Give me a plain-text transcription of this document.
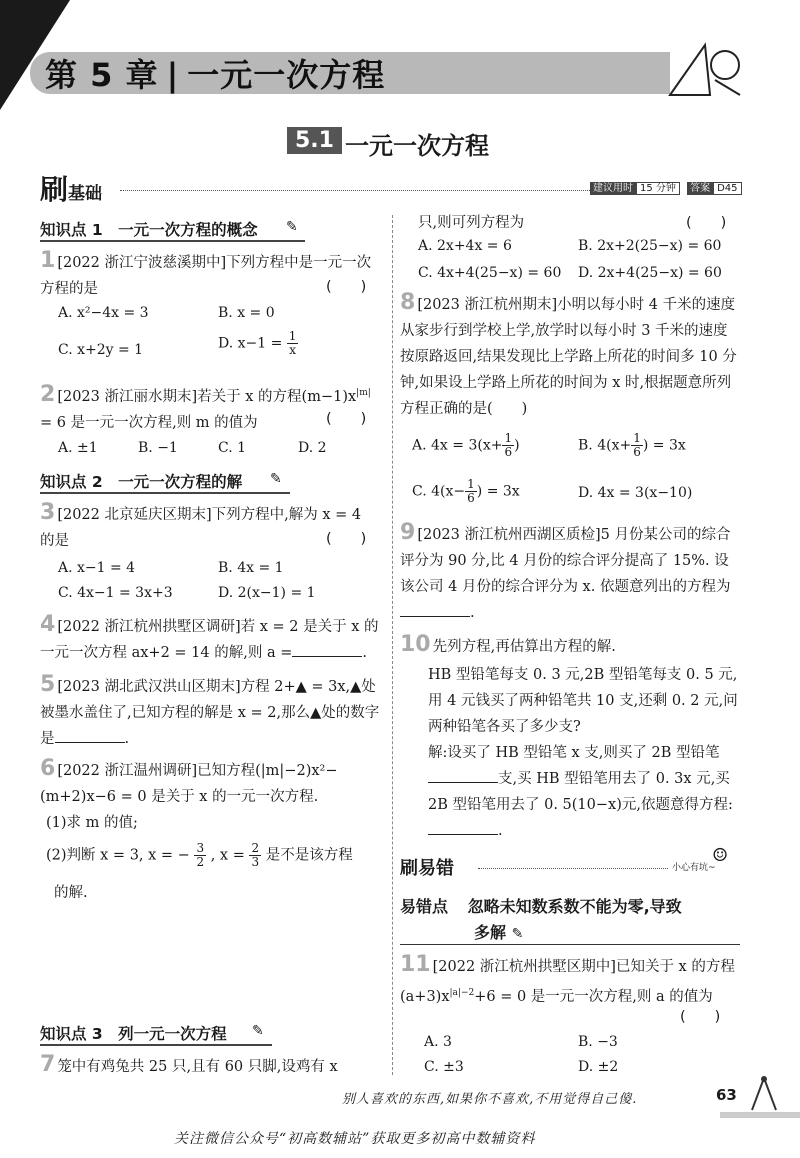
第 5 章 | 一元一次方程
5.1 一元一次方程
刷基础	建议用时 15 分钟 答案 D45
知识点 1　一元一次方程的概念 ✎
1 [2022 浙江宁波慈溪期中]下列方程中是一元一次方程的是	(　　)
A. x²−4x = 3	B. x = 0
C. x+2y = 1	D. $x-1 = \frac{1}{x}$
2 [2023 浙江丽水期末]若关于 x 的方程$(m-1)x^{|m|} = 6$ 是一元一次方程,则 m 的值为	(　　)
A. ±1	B. −1	C. 1	D. 2
知识点 2　一元一次方程的解 ✎
3 [2022 北京延庆区期末]下列方程中,解为 x = 4 的是	(　　)
A. x−1 = 4	B. 4x = 1
C. 4x−1 = 3x+3	D. 2(x−1) = 1
4 [2022 浙江杭州拱墅区调研]若 x = 2 是关于 x 的一元一次方程 ax+2 = 14 的解,则 a =	.
5 [2023 湖北武汉洪山区期末]方程 2+▲ = 3x,▲处被墨水盖住了,已知方程的解是 x = 2,那么▲处的数字是	.
6 [2022 浙江温州调研]已知方程(|m|−2)x²−(m+2)x−6 = 0 是关于 x 的一元一次方程.
(1)求 m 的值;
(2)判断 x = 3, x = − $\frac{3}{2}$ , $x = \frac{2}{3}$ 是不是该方程
的解.
知识点 3　列一元一次方程 ✎
7 笼中有鸡兔共 25 只,且有 60 只脚,设鸡有 x
只,则可列方程为	(　　)
A. 2x+4x = 6	B. 2x+2(25−x) = 60
C. 4x+4(25−x) = 60 D. 2x+4(25−x) = 60
8 [2023 浙江杭州期末]小明以每小时 4 千米的速度从家步行到学校上学,放学时以每小时 3 千米的速度按原路返回,结果发现比上学路上所花的时间多 10 分钟,如果设上学路上所花的时间为 x 时,根据题意所列方程正确的是(　　)
A. $4x = 3(x+ \frac{1}{6}$ )	B. $4(x+ \frac{1}{6}$ ) = 3x
C. $4(x- \frac{1}{6}$ ) = 3x	D. 4x = 3(x−10)
9 [2023 浙江杭州西湖区质检]5 月份某公司的综合评分为 90 分,比 4 月份的综合评分提高了 15%. 设该公司 4 月份的综合评分为 x. 依题意列出的方程为.
10 先列方程,再估算出方程的解.
HB 型铅笔每支 0. 3 元,2B 型铅笔每支 0. 5 元,用 4 元钱买了两种铅笔共 10 支,还剩 0. 2 元,问两种铅笔各买了多少支?
解:设买了 HB 型铅笔 x 支,则买了 2B 型铅笔支,买 HB 型铅笔用去了 0. 3x 元,买 2B 型铅笔用去了 0. 5(10−x)元,依题意得方程:.
刷易错	小心有坑~
☺
易错点 忽略未知数系数不能为零,导致
多解 ✎
11 [2022 浙江杭州拱墅区期中]已知关于 x 的方程$(a+3)x^{|a|-2}+6 = 0$ 是一元一次方程,则 a 的值为
(　　)
A. 3	B. −3
C. ±3	D. ±2
别人喜欢的东西,如果你不喜欢,不用觉得自己傻.	63
关注微信公众号“初高数辅站”获取更多初高中数辅资料
